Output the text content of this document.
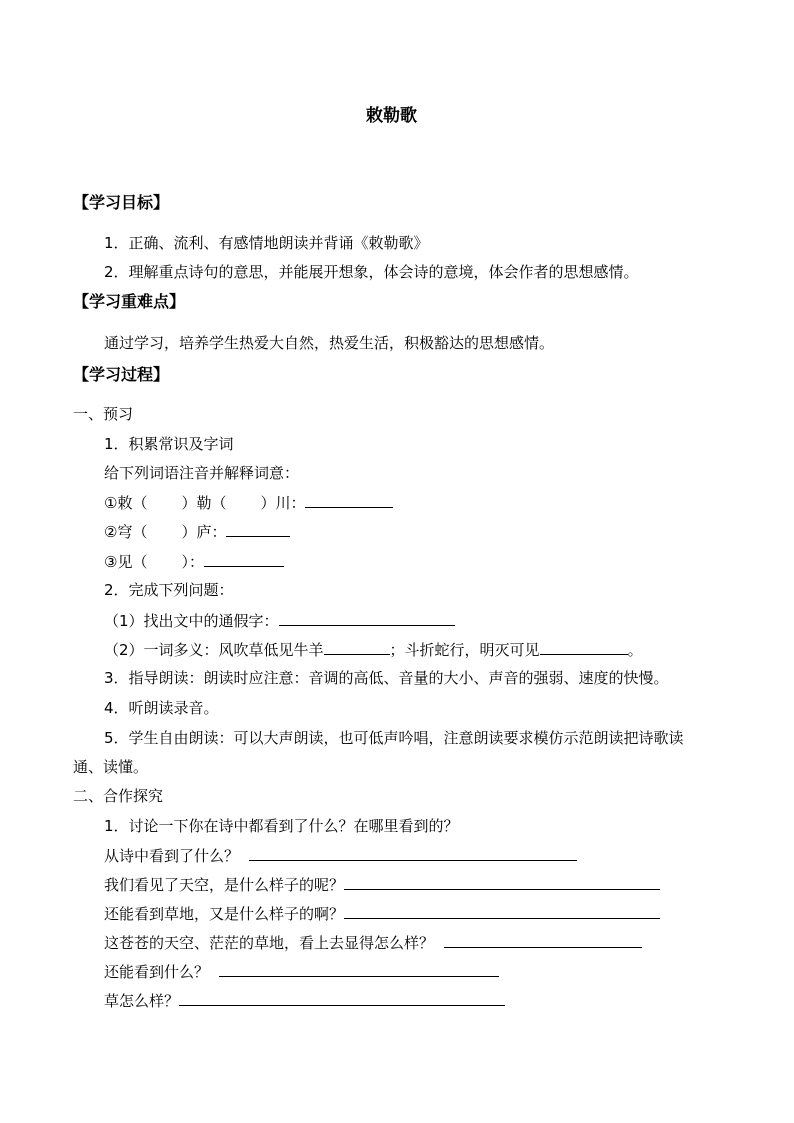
敕勒歌
【学习目标】
1．正确、流利、有感情地朗读并背诵《敕勒歌》
2．理解重点诗句的意思，并能展开想象，体会诗的意境，体会作者的思想感情。
【学习重难点】
通过学习，培养学生热爱大自然，热爱生活，积极豁达的思想感情。
【学习过程】
一、预习
1．积累常识及字词
给下列词语注音并解释词意：
①敕（ ）勒（ ）川：
②穹（ ）庐：
③见（ ）：
2．完成下列问题：
（1）找出文中的通假字：
（2）一词多义：风吹草低见牛羊	；斗折蛇行，明灭可见	。
3．指导朗读：朗读时应注意：音调的高低、音量的大小、声音的强弱、速度的快慢。
4．听朗读录音。
5．学生自由朗读：可以大声朗读，也可低声吟唱，注意朗读要求模仿示范朗读把诗歌读
通、读懂。
二、合作探究
1．讨论一下你在诗中都看到了什么？在哪里看到的？
从诗中看到了什么？
我们看见了天空，是什么样子的呢？
还能看到草地，又是什么样子的啊？
这苍苍的天空、茫茫的草地，看上去显得怎么样？
还能看到什么？
草怎么样？
